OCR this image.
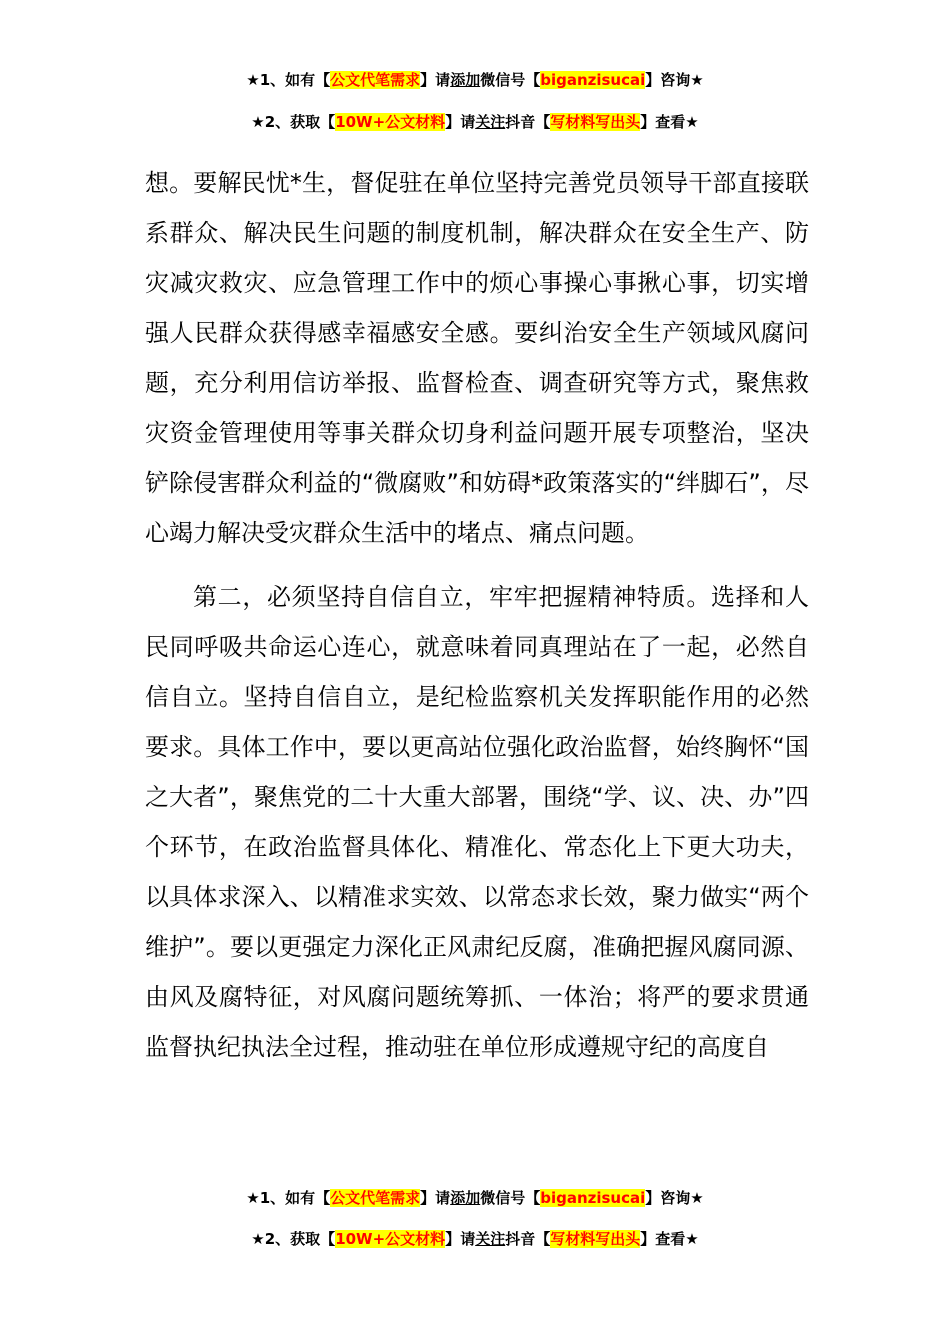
★1、如有【公文代笔需求】请添加微信号【biganzisucai】咨询★
★2、获取【10W+公文材料】请关注抖音【写材料写出头】查看★

想。要解民忧*生，督促驻在单位坚持完善党员领导干部直接联系群众、解决民生问题的制度机制，解决群众在安全生产、防灾减灾救灾、应急管理工作中的烦心事操心事揪心事，切实增强人民群众获得感幸福感安全感。要纠治安全生产领域风腐问题，充分利用信访举报、监督检查、调查研究等方式，聚焦救灾资金管理使用等事关群众切身利益问题开展专项整治，坚决铲除侵害群众利益的“微腐败”和妨碍*政策落实的“绊脚石”，尽心竭力解决受灾群众生活中的堵点、痛点问题。

第二，必须坚持自信自立，牢牢把握精神特质。选择和人民同呼吸共命运心连心，就意味着同真理站在了一起，必然自信自立。坚持自信自立，是纪检监察机关发挥职能作用的必然要求。具体工作中，要以更高站位强化政治监督，始终胸怀“国之大者”，聚焦党的二十大重大部署，围绕“学、议、决、办”四个环节，在政治监督具体化、精准化、常态化上下更大功夫，以具体求深入、以精准求实效、以常态求长效，聚力做实“两个维护”。要以更强定力深化正风肃纪反腐，准确把握风腐同源、由风及腐特征，对风腐问题统筹抓、一体治；将严的要求贯通监督执纪执法全过程，推动驻在单位形成遵规守纪的高度自

★1、如有【公文代笔需求】请添加微信号【biganzisucai】咨询★
★2、获取【10W+公文材料】请关注抖音【写材料写出头】查看★
